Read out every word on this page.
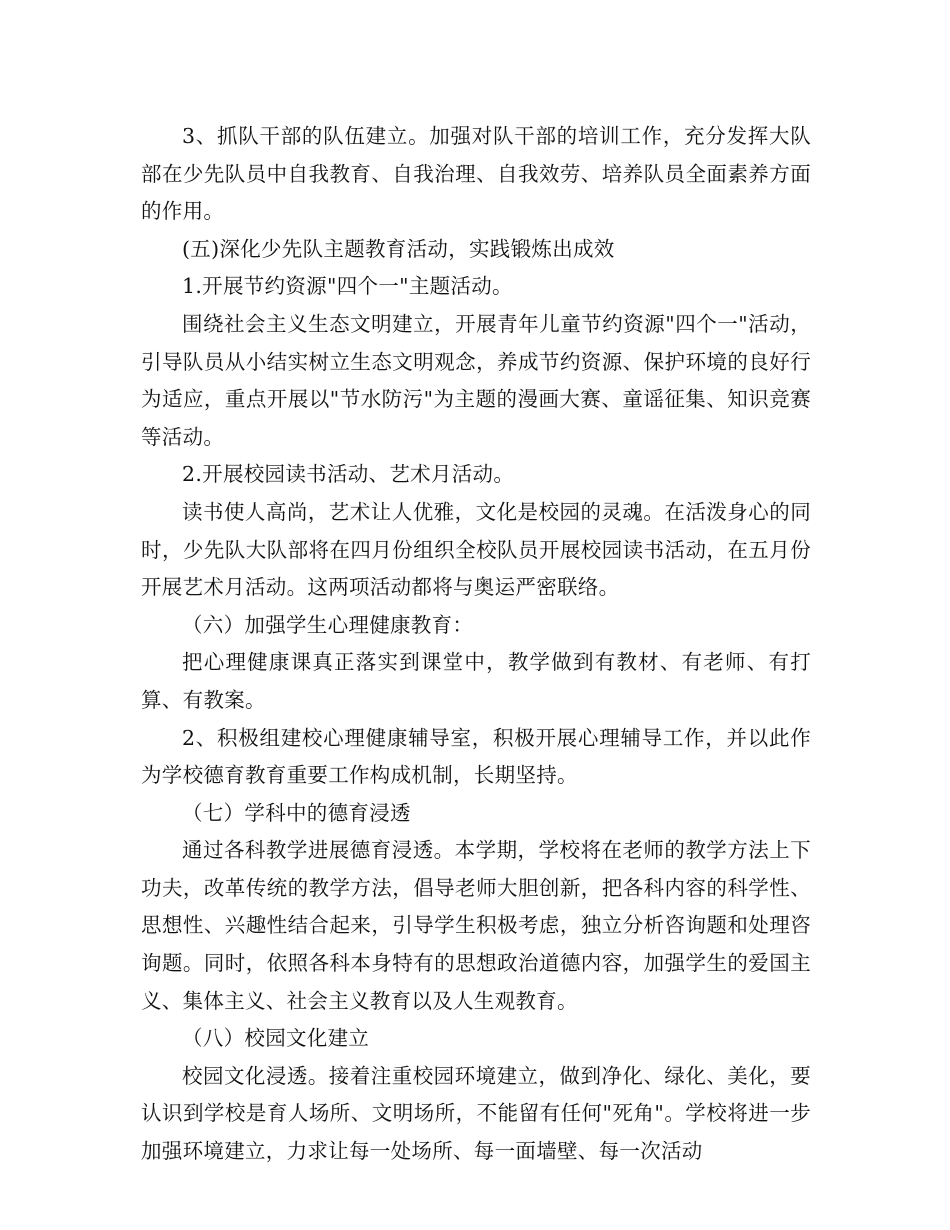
3、抓队干部的队伍建立。加强对队干部的培训工作，充分发挥大队部在少先队员中自我教育、自我治理、自我效劳、培养队员全面素养方面的作用。

(五)深化少先队主题教育活动，实践锻炼出成效

1.开展节约资源"四个一"主题活动。

围绕社会主义生态文明建立，开展青年儿童节约资源"四个一"活动，引导队员从小结实树立生态文明观念，养成节约资源、保护环境的良好行为适应，重点开展以"节水防污"为主题的漫画大赛、童谣征集、知识竞赛等活动。

2.开展校园读书活动、艺术月活动。

读书使人高尚，艺术让人优雅，文化是校园的灵魂。在活泼身心的同时，少先队大队部将在四月份组织全校队员开展校园读书活动，在五月份开展艺术月活动。这两项活动都将与奥运严密联络。

（六）加强学生心理健康教育：

把心理健康课真正落实到课堂中，教学做到有教材、有老师、有打算、有教案。

2、积极组建校心理健康辅导室，积极开展心理辅导工作，并以此作为学校德育教育重要工作构成机制，长期坚持。

（七）学科中的德育浸透

通过各科教学进展德育浸透。本学期，学校将在老师的教学方法上下功夫，改革传统的教学方法，倡导老师大胆创新，把各科内容的科学性、思想性、兴趣性结合起来，引导学生积极考虑，独立分析咨询题和处理咨询题。同时，依照各科本身特有的思想政治道德内容，加强学生的爱国主义、集体主义、社会主义教育以及人生观教育。

（八）校园文化建立

校园文化浸透。接着注重校园环境建立，做到净化、绿化、美化，要认识到学校是育人场所、文明场所，不能留有任何"死角"。学校将进一步加强环境建立，力求让每一处场所、每一面墙壁、每一次活动
